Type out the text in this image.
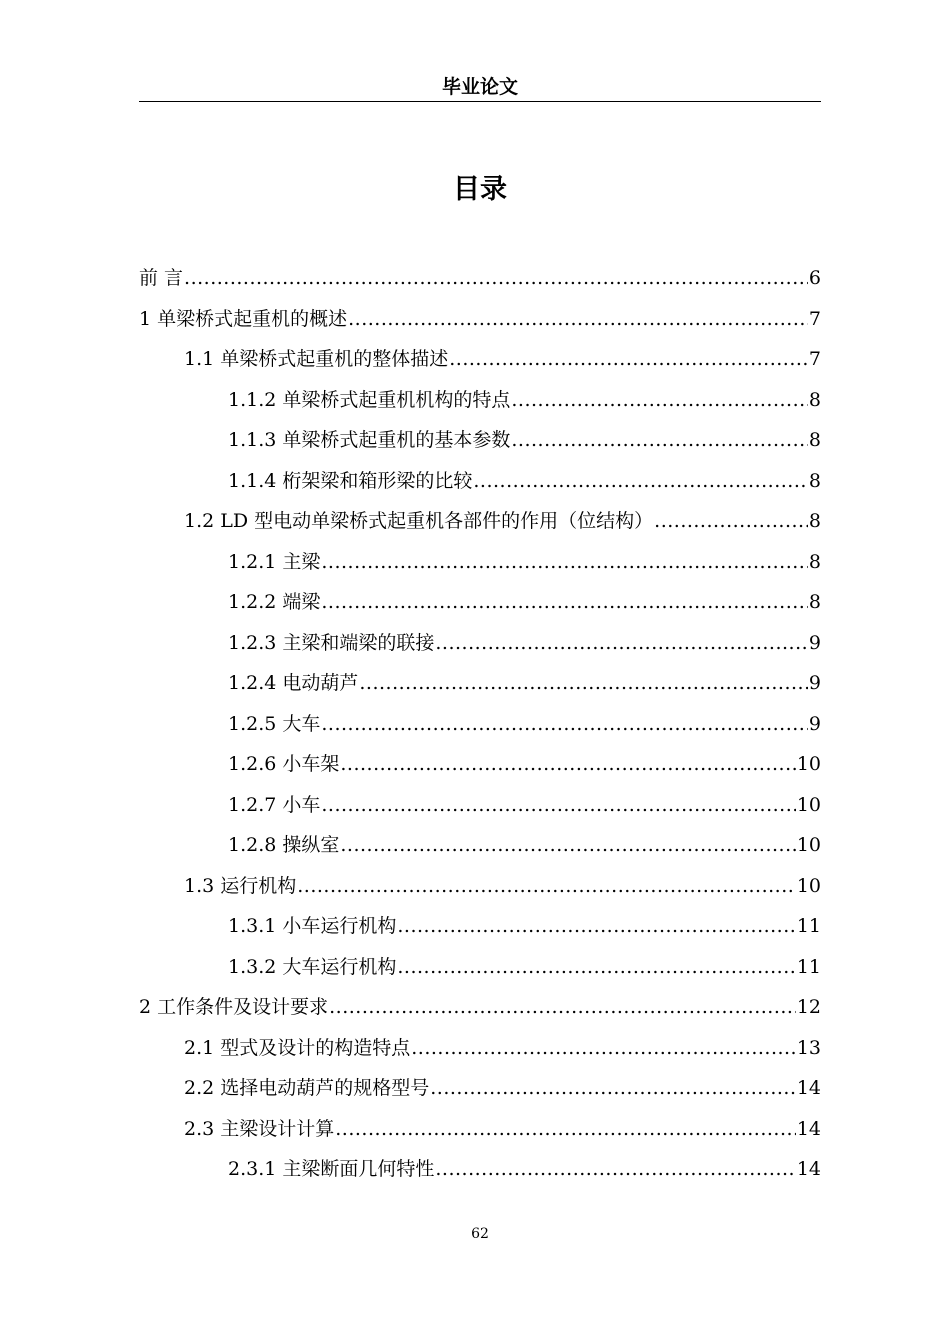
毕业论文
目录
前 言 .....	6
1 单梁桥式起重机的概述 .....	7
1.1 单梁桥式起重机的整体描述 .....	7
1.1.2 单梁桥式起重机机构的特点 .....	8
1.1.3 单梁桥式起重机的基本参数 .....	8
1.1.4 桁架梁和箱形梁的比较 .....	8
1.2 LD 型电动单梁桥式起重机各部件的作用（位结构） .....	8
1.2.1 主梁 .....	8
1.2.2 端梁 .....	8
1.2.3 主梁和端梁的联接 .....	9
1.2.4 电动葫芦 .....	9
1.2.5 大车 .....	9
1.2.6 小车架 .....	10
1.2.7 小车 .....	10
1.2.8 操纵室 .....	10
1.3 运行机构 .....	10
1.3.1 小车运行机构 .....	11
1.3.2 大车运行机构 .....	11
2 工作条件及设计要求 .....	12
2.1 型式及设计的构造特点 .....	13
2.2 选择电动葫芦的规格型号 .....	14
2.3 主梁设计计算 .....	14
2.3.1 主梁断面几何特性 .....	14
62
